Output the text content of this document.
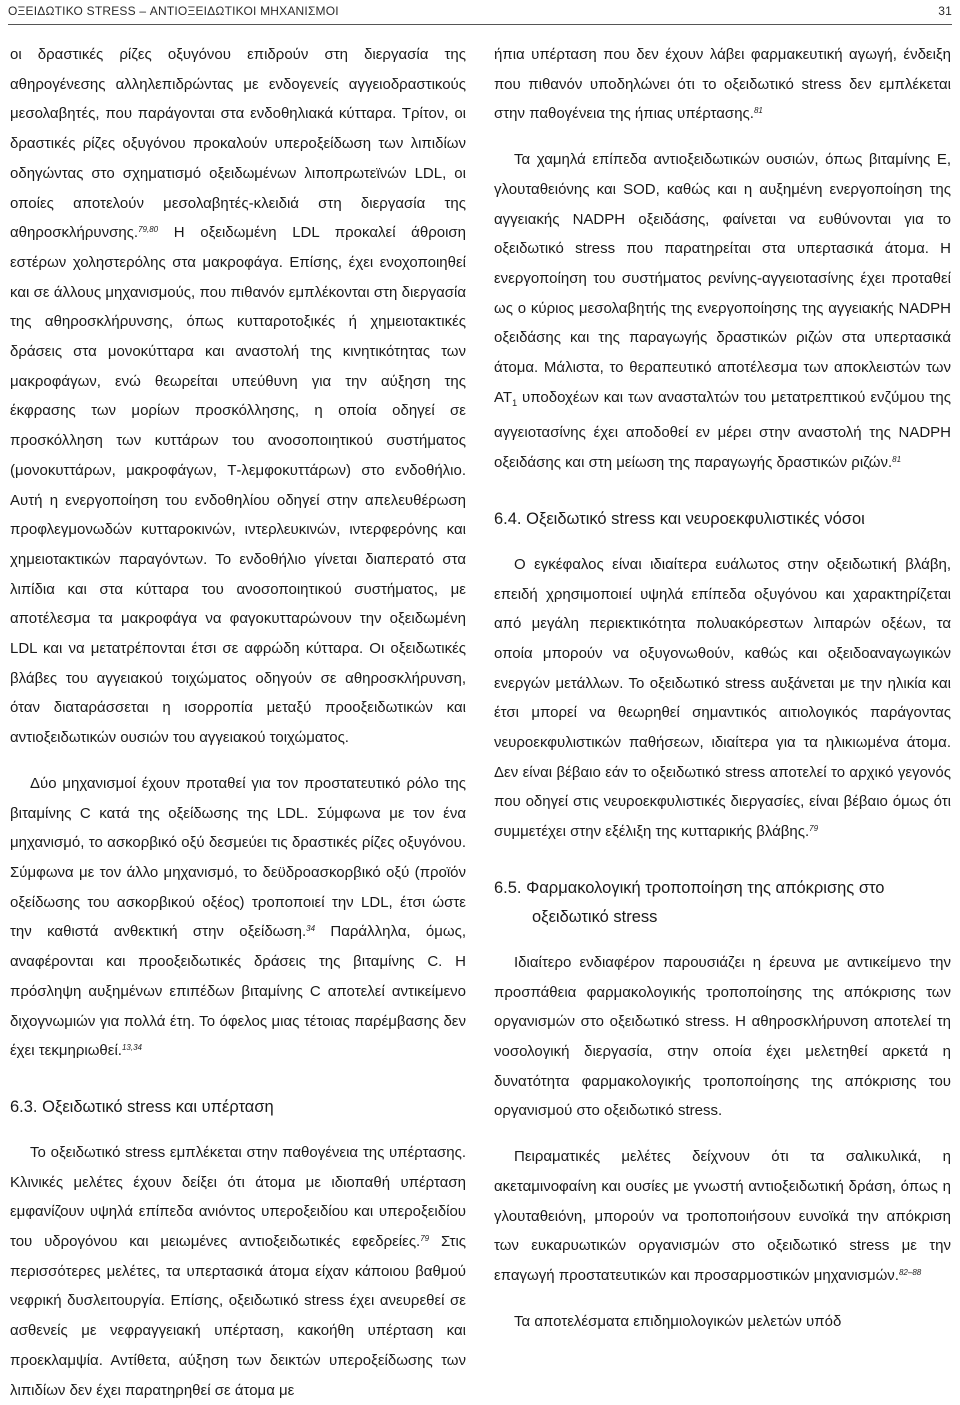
ΟΞΕΙΔΩΤΙΚΟ STRESS – ΑΝΤΙΟΞΕΙΔΩΤΙΚΟΙ ΜΗΧΑΝΙΣΜΟΙ	31

οι δραστικές ρίζες οξυγόνου επιδρούν στη διεργασία της αθηρογένεσης αλληλεπιδρώντας με ενδογενείς αγγειοδραστικούς μεσολαβητές, που παράγονται στα ενδοθηλιακά κύτταρα. Τρίτον, οι δραστικές ρίζες οξυγόνου προκαλούν υπεροξείδωση των λιπιδίων οδηγώντας στο σχηματισμό οξειδωμένων λιποπρωτεϊνών LDL, οι οποίες αποτελούν μεσολαβητές-κλειδιά στη διεργασία της αθηροσκλήρυνσης.$^{79,80}$ Η οξειδωμένη LDL προκαλεί άθροιση εστέρων χοληστερόλης στα μακροφάγα. Επίσης, έχει ενοχοποιηθεί και σε άλλους μηχανισμούς, που πιθανόν εμπλέκονται στη διεργασία της αθηροσκλήρυνσης, όπως κυτταροτοξικές ή χημειοτακτικές δράσεις στα μονοκύτταρα και αναστολή της κινητικότητας των μακροφάγων, ενώ θεωρείται υπεύθυνη για την αύξηση της έκφρασης των μορίων προσκόλλησης, η οποία οδηγεί σε προσκόλληση των κυττάρων του ανοσοποιητικού συστήματος (μονοκυττάρων, μακροφάγων, Τ-λεμφοκυττάρων) στο ενδοθήλιο. Αυτή η ενεργοποίηση του ενδοθηλίου οδηγεί στην απελευθέρωση προφλεγμονωδών κυτταροκινών, ιντερλευκινών, ιντερφερόνης και χημειοτακτικών παραγόντων. Το ενδοθήλιο γίνεται διαπερατό στα λιπίδια και στα κύτταρα του ανοσοποιητικού συστήματος, με αποτέλεσμα τα μακροφάγα να φαγοκυτταρώνουν την οξειδωμένη LDL και να μετατρέπονται έτσι σε αφρώδη κύτταρα. Οι οξειδωτικές βλάβες του αγγειακού τοιχώματος οδηγούν σε αθηροσκλήρυνση, όταν διαταράσσεται η ισορροπία μεταξύ προοξειδωτικών και αντιοξειδωτικών ουσιών του αγγειακού τοιχώματος.

Δύο μηχανισμοί έχουν προταθεί για τον προστατευτικό ρόλο της βιταμίνης C κατά της οξείδωσης της LDL. Σύμφωνα με τον ένα μηχανισμό, το ασκορβικό οξύ δεσμεύει τις δραστικές ρίζες οξυγόνου. Σύμφωνα με τον άλλο μηχανισμό, το δεϋδροασκορβικό οξύ (προϊόν οξείδωσης του ασκορβικού οξέος) τροποποιεί την LDL, έτσι ώστε την καθιστά ανθεκτική στην οξείδωση.$^{34}$ Παράλληλα, όμως, αναφέρονται και προοξειδωτικές δράσεις της βιταμίνης C. Η πρόσληψη αυξημένων επιπέδων βιταμίνης C αποτελεί αντικείμενο διχογνωμιών για πολλά έτη. Το όφελος μιας τέτοιας παρέμβασης δεν έχει τεκμηριωθεί.$^{13,34}$

6.3. Οξειδωτικό stress και υπέρταση

Το οξειδωτικό stress εμπλέκεται στην παθογένεια της υπέρτασης. Κλινικές μελέτες έχουν δείξει ότι άτομα με ιδιοπαθή υπέρταση εμφανίζουν υψηλά επίπεδα ανιόντος υπεροξειδίου και υπεροξειδίου του υδρογόνου και μειωμένες αντιοξειδωτικές εφεδρείες.$^{79}$ Στις περισσότερες μελέτες, τα υπερτασικά άτομα είχαν κάποιου βαθμού νεφρική δυσλειτουργία. Επίσης, οξειδωτικό stress έχει ανευρεθεί σε ασθενείς με νεφραγγειακή υπέρταση, κακοήθη υπέρταση και προεκλαμψία. Αντίθετα, αύξηση των δεικτών υπεροξείδωσης των λιπιδίων δεν έχει παρατηρηθεί σε άτομα με

ήπια υπέρταση που δεν έχουν λάβει φαρμακευτική αγωγή, ένδειξη που πιθανόν υποδηλώνει ότι το οξειδωτικό stress δεν εμπλέκεται στην παθογένεια της ήπιας υπέρτασης.$^{81}$

Τα χαμηλά επίπεδα αντιοξειδωτικών ουσιών, όπως βιταμίνης Ε, γλουταθειόνης και SOD, καθώς και η αυξημένη ενεργοποίηση της αγγειακής NADPH οξειδάσης, φαίνεται να ευθύνονται για το οξειδωτικό stress που παρατηρείται στα υπερτασικά άτομα. Η ενεργοποίηση του συστήματος ρενίνης-αγγειοτασίνης έχει προταθεί ως ο κύριος μεσολαβητής της ενεργοποίησης της αγγειακής NADPH οξειδάσης και της παραγωγής δραστικών ριζών στα υπερτασικά άτομα. Μάλιστα, το θεραπευτικό αποτέλεσμα των αποκλειστών των $AT_1$ υποδοχέων και των ανασταλτών του μετατρεπτικού ενζύμου της αγγειοτασίνης έχει αποδοθεί εν μέρει στην αναστολή της NADPH οξειδάσης και στη μείωση της παραγωγής δραστικών ριζών.$^{81}$

6.4. Οξειδωτικό stress και νευροεκφυλιστικές νόσοι

Ο εγκέφαλος είναι ιδιαίτερα ευάλωτος στην οξειδωτική βλάβη, επειδή χρησιμοποιεί υψηλά επίπεδα οξυγόνου και χαρακτηρίζεται από μεγάλη περιεκτικότητα πολυακόρεστων λιπαρών οξέων, τα οποία μπορούν να οξυγονωθούν, καθώς και οξειδοαναγωγικών ενεργών μετάλλων. Το οξειδωτικό stress αυξάνεται με την ηλικία και έτσι μπορεί να θεωρηθεί σημαντικός αιτιολογικός παράγοντας νευροεκφυλιστικών παθήσεων, ιδιαίτερα για τα ηλικιωμένα άτομα. Δεν είναι βέβαιο εάν το οξειδωτικό stress αποτελεί το αρχικό γεγονός που οδηγεί στις νευροεκφυλιστικές διεργασίες, είναι βέβαιο όμως ότι συμμετέχει στην εξέλιξη της κυτταρικής βλάβης.$^{79}$

6.5. Φαρμακολογική τροποποίηση της απόκρισης στο οξειδωτικό stress

Ιδιαίτερο ενδιαφέρον παρουσιάζει η έρευνα με αντικείμενο την προσπάθεια φαρμακολογικής τροποποίησης της απόκρισης των οργανισμών στο οξειδωτικό stress. Η αθηροσκλήρυνση αποτελεί τη νοσολογική διεργασία, στην οποία έχει μελετηθεί αρκετά η δυνατότητα φαρμακολογικής τροποποίησης της απόκρισης του οργανισμού στο οξειδωτικό stress.

Πειραματικές μελέτες δείχνουν ότι τα σαλικυλικά, η ακεταμινοφαίνη και ουσίες με γνωστή αντιοξειδωτική δράση, όπως η γλουταθειόνη, μπορούν να τροποποιήσουν ευνοϊκά την απόκριση των ευκαρυωτικών οργανισμών στο οξειδωτικό stress με την επαγωγή προστατευτικών και προσαρμοστικών μηχανισμών.$^{82-88}$

Τα αποτελέσματα επιδημιολογικών μελετών υπόδ
